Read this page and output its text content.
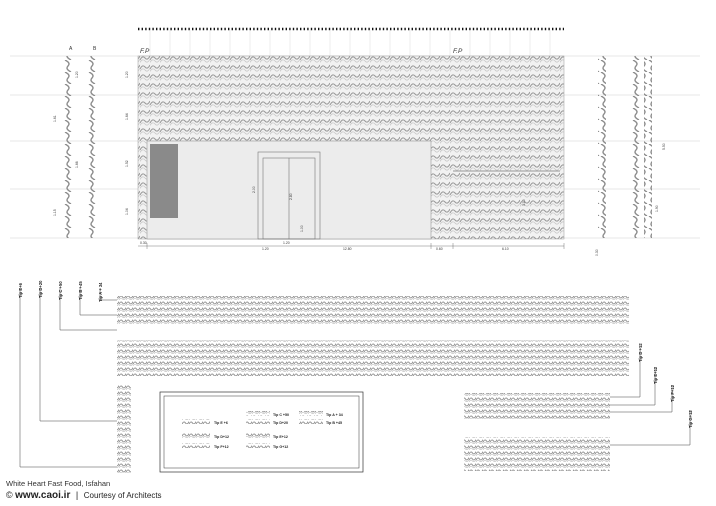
F.P	F.P
1.20
1.64
1.52
1.04
2.00
2.80
1.00
1.20
3.10
0.30
12.80
1.20	0.60	6.10
0.30
A	B
1.20
1.61
1.66
1.15
5.50
1.90
Tip E+6	Tip D+20	Tip C +50	Tip B +45	Tip A + 34
Tip E +6
Tip C +50	Tip A + 34
Tip D+20	Tip B +45
Tip D+12	Tip E+12
Tip F+12	Tip G+12
Tip D +12
Tip E+12
Tip F+12
Tip G+12
White Heart Fast Food, Isfahan
© www.caoi.ir | Courtesy of Architects
